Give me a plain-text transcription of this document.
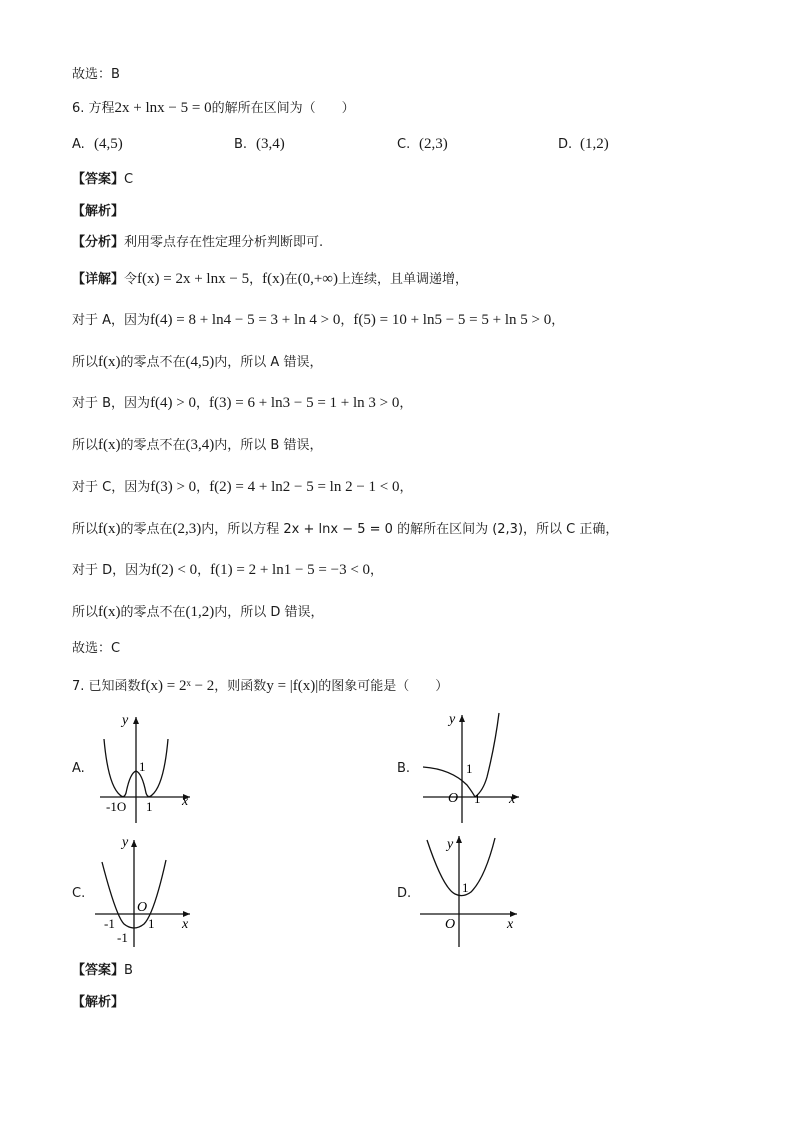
故选：B
6. 方程2x + lnx − 5 = 0的解所在区间为（　　）
A. (4,5)	B. (3,4)	C. (2,3)	D. (1,2)
【答案】C
【解析】
【分析】利用零点存在性定理分析判断即可.
【详解】令f(x) = 2x + lnx − 5，f(x)在(0,+∞)上连续，且单调递增，
对于 A，因为f(4) = 8 + ln4 − 5 = 3 + ln 4 > 0，f(5) = 10 + ln5 − 5 = 5 + ln 5 > 0，
所以f(x)的零点不在(4,5)内，所以 A 错误，
对于 B，因为f(4) > 0，f(3) = 6 + ln3 − 5 = 1 + ln 3 > 0，
所以f(x)的零点不在(3,4)内，所以 B 错误，
对于 C，因为f(3) > 0，f(2) = 4 + ln2 − 5 = ln 2 − 1 < 0，
所以f(x)的零点在(2,3)内，所以方程 2x + lnx − 5 = 0 的解所在区间为 (2,3)，所以 C 正确，
对于 D，因为f(2) < 0，f(1) = 2 + ln1 − 5 = −3 < 0，
所以f(x)的零点不在(1,2)内，所以 D 错误，
故选：C
7. 已知函数f(x) = 2ˣ − 2，则函数y = |f(x)|的图象可能是（　　）
A.
y
x
1
-1O 1
B.
y
x
1
O 1
C.
y
x
O
-1	1
-1
D.
y
x
1
O
【答案】B
【解析】
